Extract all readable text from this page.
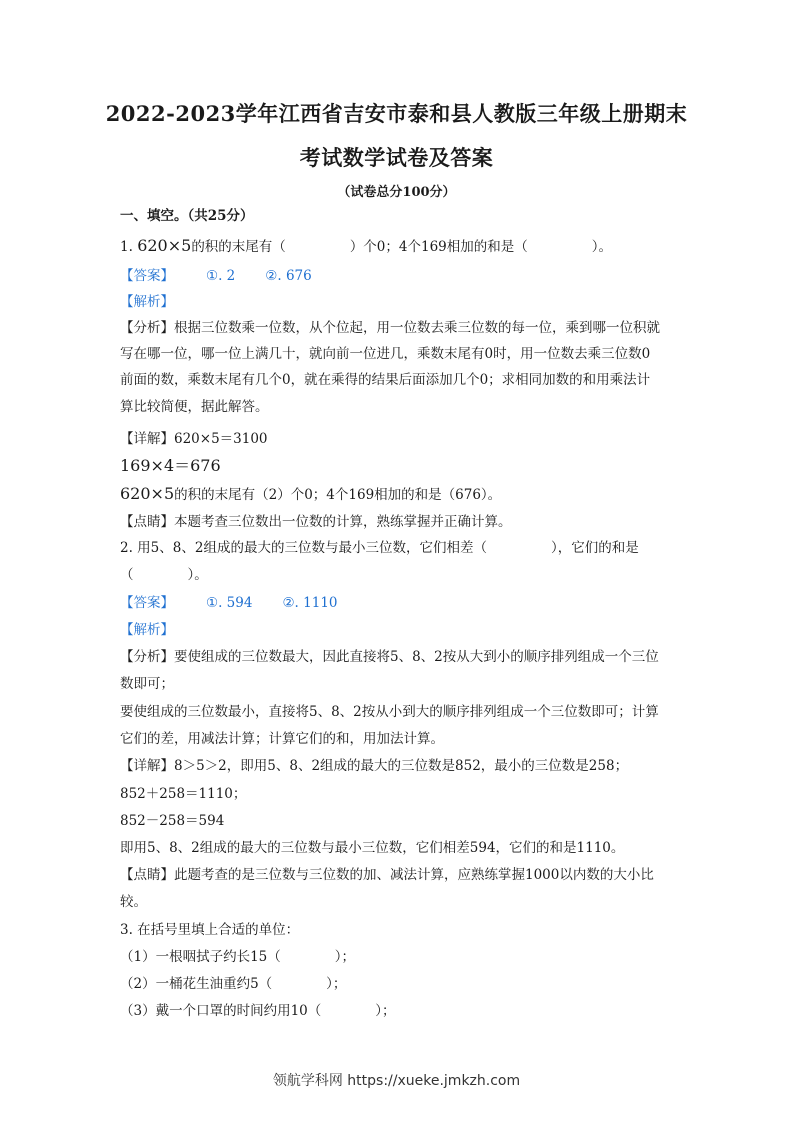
2022-2023学年江西省吉安市泰和县人教版三年级上册期末
考试数学试卷及答案
（试卷总分100分）
一、填空。（共25分）
1. 620×5的积的末尾有（	）个0；4个169相加的和是（	）。
【答案】 ①. 2 ②. 676
【解析】
【分析】根据三位数乘一位数，从个位起，用一位数去乘三位数的每一位，乘到哪一位积就
写在哪一位，哪一位上满几十，就向前一位进几，乘数末尾有0时，用一位数去乘三位数0
前面的数，乘数末尾有几个0，就在乘得的结果后面添加几个0；求相同加数的和用乘法计
算比较简便，据此解答。
【详解】620×5＝3100
169×4＝676
620×5的积的末尾有（2）个0；4个169相加的和是（676）。
【点睛】本题考查三位数出一位数的计算，熟练掌握并正确计算。
2. 用5、8、2组成的最大的三位数与最小三位数，它们相差（	），它们的和是
（　　　　）。
【答案】 ①. 594 ②. 1110
【解析】
【分析】要使组成的三位数最大，因此直接将5、8、2按从大到小的顺序排列组成一个三位
数即可；
要使组成的三位数最小，直接将5、8、2按从小到大的顺序排列组成一个三位数即可；计算
它们的差，用减法计算；计算它们的和，用加法计算。
【详解】8＞5＞2，即用5、8、2组成的最大的三位数是852，最小的三位数是258；
852＋258＝1110；
852－258＝594
即用5、8、2组成的最大的三位数与最小三位数，它们相差594，它们的和是1110。
【点睛】此题考查的是三位数与三位数的加、减法计算，应熟练掌握1000以内数的大小比
较。
3. 在括号里填上合适的单位：
（1）一根咽拭子约长15（　　　　）；
（2）一桶花生油重约5（　　　　）；
（3）戴一个口罩的时间约用10（　　　　）；
领航学科网 https://xueke.jmkzh.com
